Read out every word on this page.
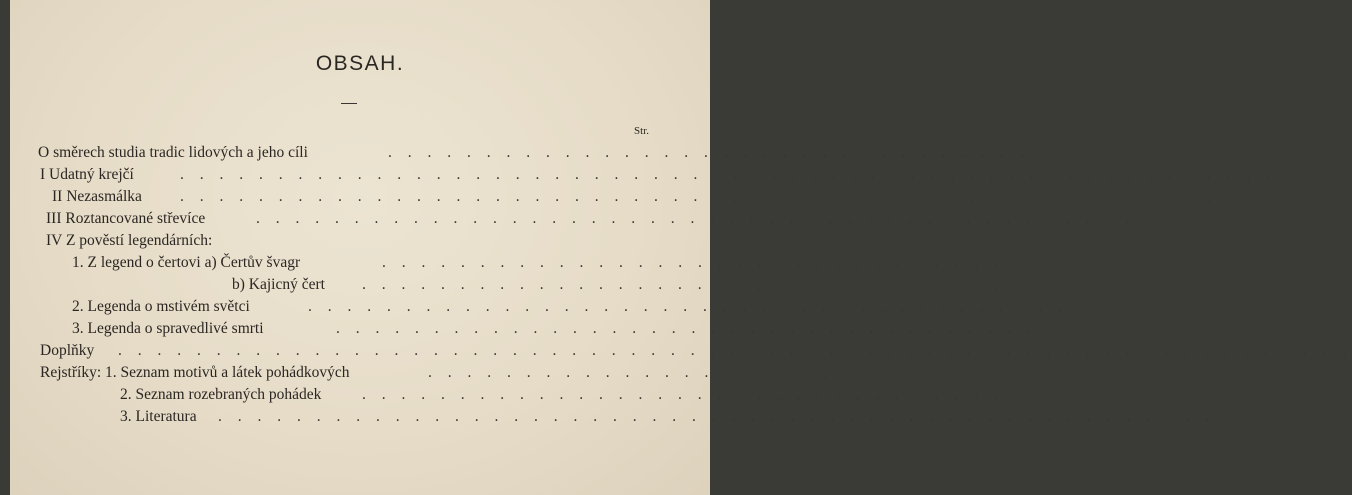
OBSAH.
Str.
O směrech studia tradic lidových a jeho cíli	. . . . . . . . . . . . . . . . . . . . . . . . . . . . . . . . .
I Udatný krejčí	. . . . . . . . . . . . . . . . . . . . . . . . . . . . . . . . . . . . . . . . . . . . . . . . . . . . . . . . .
II Nezasmálka . . . . . . . . . . . . . . . . . . . . . . . . . . . . . . . . . . . . . . . . . . . . . . . . . . . . . . . .
III Roztancované střevíce	. . . . . . . . . . . . . . . . . . . . . . . . . . . . . . . . . . . . . . . . . . . . .
IV Z pověstí legendárních:
1. Z legend o čertovi a) Čertův švagr	. . . . . . . . . . . . . . . . . . . . . . . . . . . . . . . . .
b) Kajicný čert . . . . . . . . . . . . . . . . . . . . . . . . . . . . . . . . . .
2. Legenda o mstivém světci	. . . . . . . . . . . . . . . . . . . . . . . . . . . . . . . . . . . . . . .
3. Legenda o spravedlivé smrti	. . . . . . . . . . . . . . . . . . . . . . . . . . . . . . . . . . . .
Doplňky . . . . . . . . . . . . . . . . . . . . . . . . . . . . . . . . . . . . . . . . . . . . . . . . . . . . . . . . . . . . . . .
Rejstříky: 1. Seznam motivů a látek pohádkových	. . . . . . . . . . . . . . . . . . . . . . . .
2. Seznam rozebraných pohádek	. . . . . . . . . . . . . . . . . . . . . . . . . . . . . . . . .
3. Literatura . . . . . . . . . . . . . . . . . . . . . . . . . . . . . . . . . . . . . . . . . . . . . . . . . . .
